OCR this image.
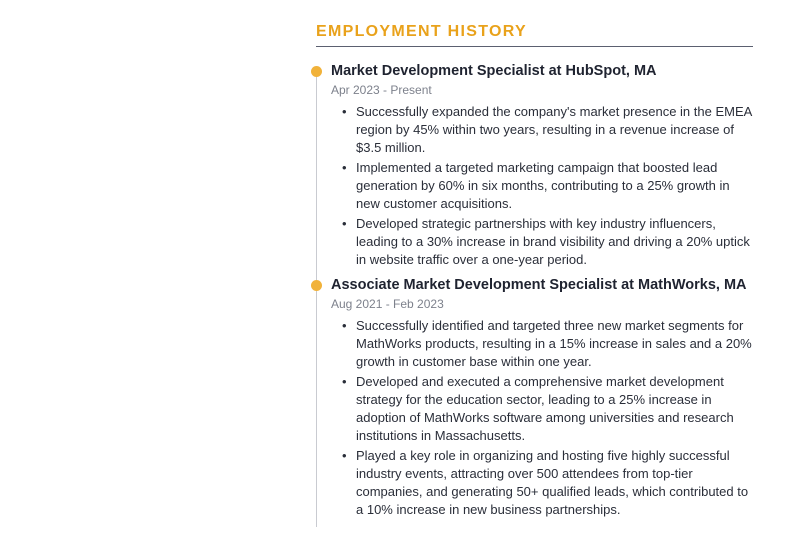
EMPLOYMENT HISTORY
Market Development Specialist at HubSpot, MA
Apr 2023 - Present
• Successfully expanded the company's market presence in the EMEA region by 45% within two years, resulting in a revenue increase of $3.5 million.
• Implemented a targeted marketing campaign that boosted lead generation by 60% in six months, contributing to a 25% growth in new customer acquisitions.
• Developed strategic partnerships with key industry influencers, leading to a 30% increase in brand visibility and driving a 20% uptick in website traffic over a one-year period.
Associate Market Development Specialist at MathWorks, MA
Aug 2021 - Feb 2023
• Successfully identified and targeted three new market segments for MathWorks products, resulting in a 15% increase in sales and a 20% growth in customer base within one year.
• Developed and executed a comprehensive market development strategy for the education sector, leading to a 25% increase in adoption of MathWorks software among universities and research institutions in Massachusetts.
• Played a key role in organizing and hosting five highly successful industry events, attracting over 500 attendees from top-tier companies, and generating 50+ qualified leads, which contributed to a 10% increase in new business partnerships.
